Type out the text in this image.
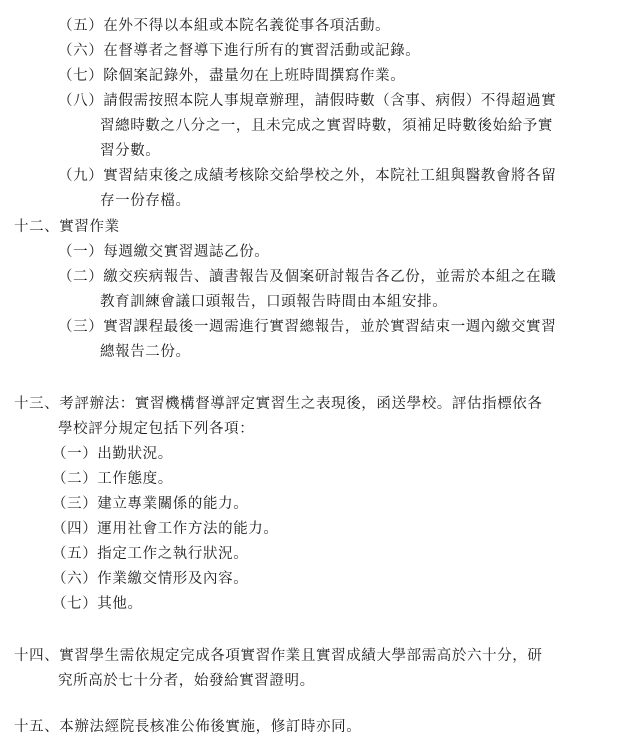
（五）在外不得以本組或本院名義從事各項活動。
（六）在督導者之督導下進行所有的實習活動或記錄。
（七）除個案記錄外，盡量勿在上班時間撰寫作業。
（八）請假需按照本院人事規章辦理，請假時數（含事、病假）不得超過實
習總時數之八分之一，且未完成之實習時數，須補足時數後始給予實
習分數。
（九）實習結束後之成績考核除交給學校之外，本院社工組與醫教會將各留
存一份存檔。
十二、實習作業
（一）每週繳交實習週誌乙份。
（二）繳交疾病報告、讀書報告及個案研討報告各乙份，並需於本組之在職
教育訓練會議口頭報告，口頭報告時間由本組安排。
（三）實習課程最後一週需進行實習總報告，並於實習結束一週內繳交實習
總報告二份。
十三、考評辦法：實習機構督導評定實習生之表現後，函送學校。評估指標依各
學校評分規定包括下列各項：
（一）出勤狀況。
（二）工作態度。
（三）建立專業關係的能力。
（四）運用社會工作方法的能力。
（五）指定工作之執行狀況。
（六）作業繳交情形及內容。
（七）其他。
十四、實習學生需依規定完成各項實習作業且實習成績大學部需高於六十分，研
究所高於七十分者，始發給實習證明。
十五、本辦法經院長核准公佈後實施，修訂時亦同。
